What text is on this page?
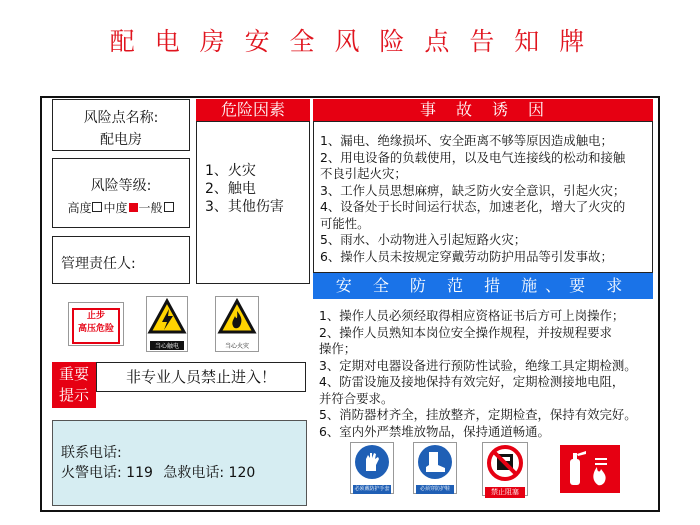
配 电 房 安 全 风 险 点 告 知 牌
风险点名称:
配电房
风险等级:
高度 中度 一般
管理责任人:
危险因素
1、火灾
2、触电
3、其他伤害
事　故　诱　因
1、漏电、绝缘损坏、安全距离不够等原因造成触电；
2、用电设备的负载使用，以及电气连接线的松动和接触
不良引起火灾；
3、工作人员思想麻痹，缺乏防火安全意识，引起火灾；
4、设备处于长时间运行状态，加速老化，增大了火灾的
可能性。
5、雨水、小动物进入引起短路火灾；
6、操作人员未按规定穿戴劳动防护用品等引发事故；
安 全 防 范 措 施、要 求
1、操作人员必须经取得相应资格证书后方可上岗操作；
2、操作人员熟知本岗位安全操作规程，并按规程要求
操作；
3、定期对电器设备进行预防性试验，绝缘工具定期检测。
4、防雷设施及接地保持有效完好，定期检测接地电阻，
并符合要求。
5、消防器材齐全，挂放整齐，定期检查，保持有效完好。
6、室内外严禁堆放物品，保持通道畅通。
止步
高压危险
当心触电	当心火灾
重要
提示
非专业人员禁止进入！
联系电话:
火警电话: 119 急救电话: 120
必须戴防护手套	必须穿防护鞋	禁止阻塞
